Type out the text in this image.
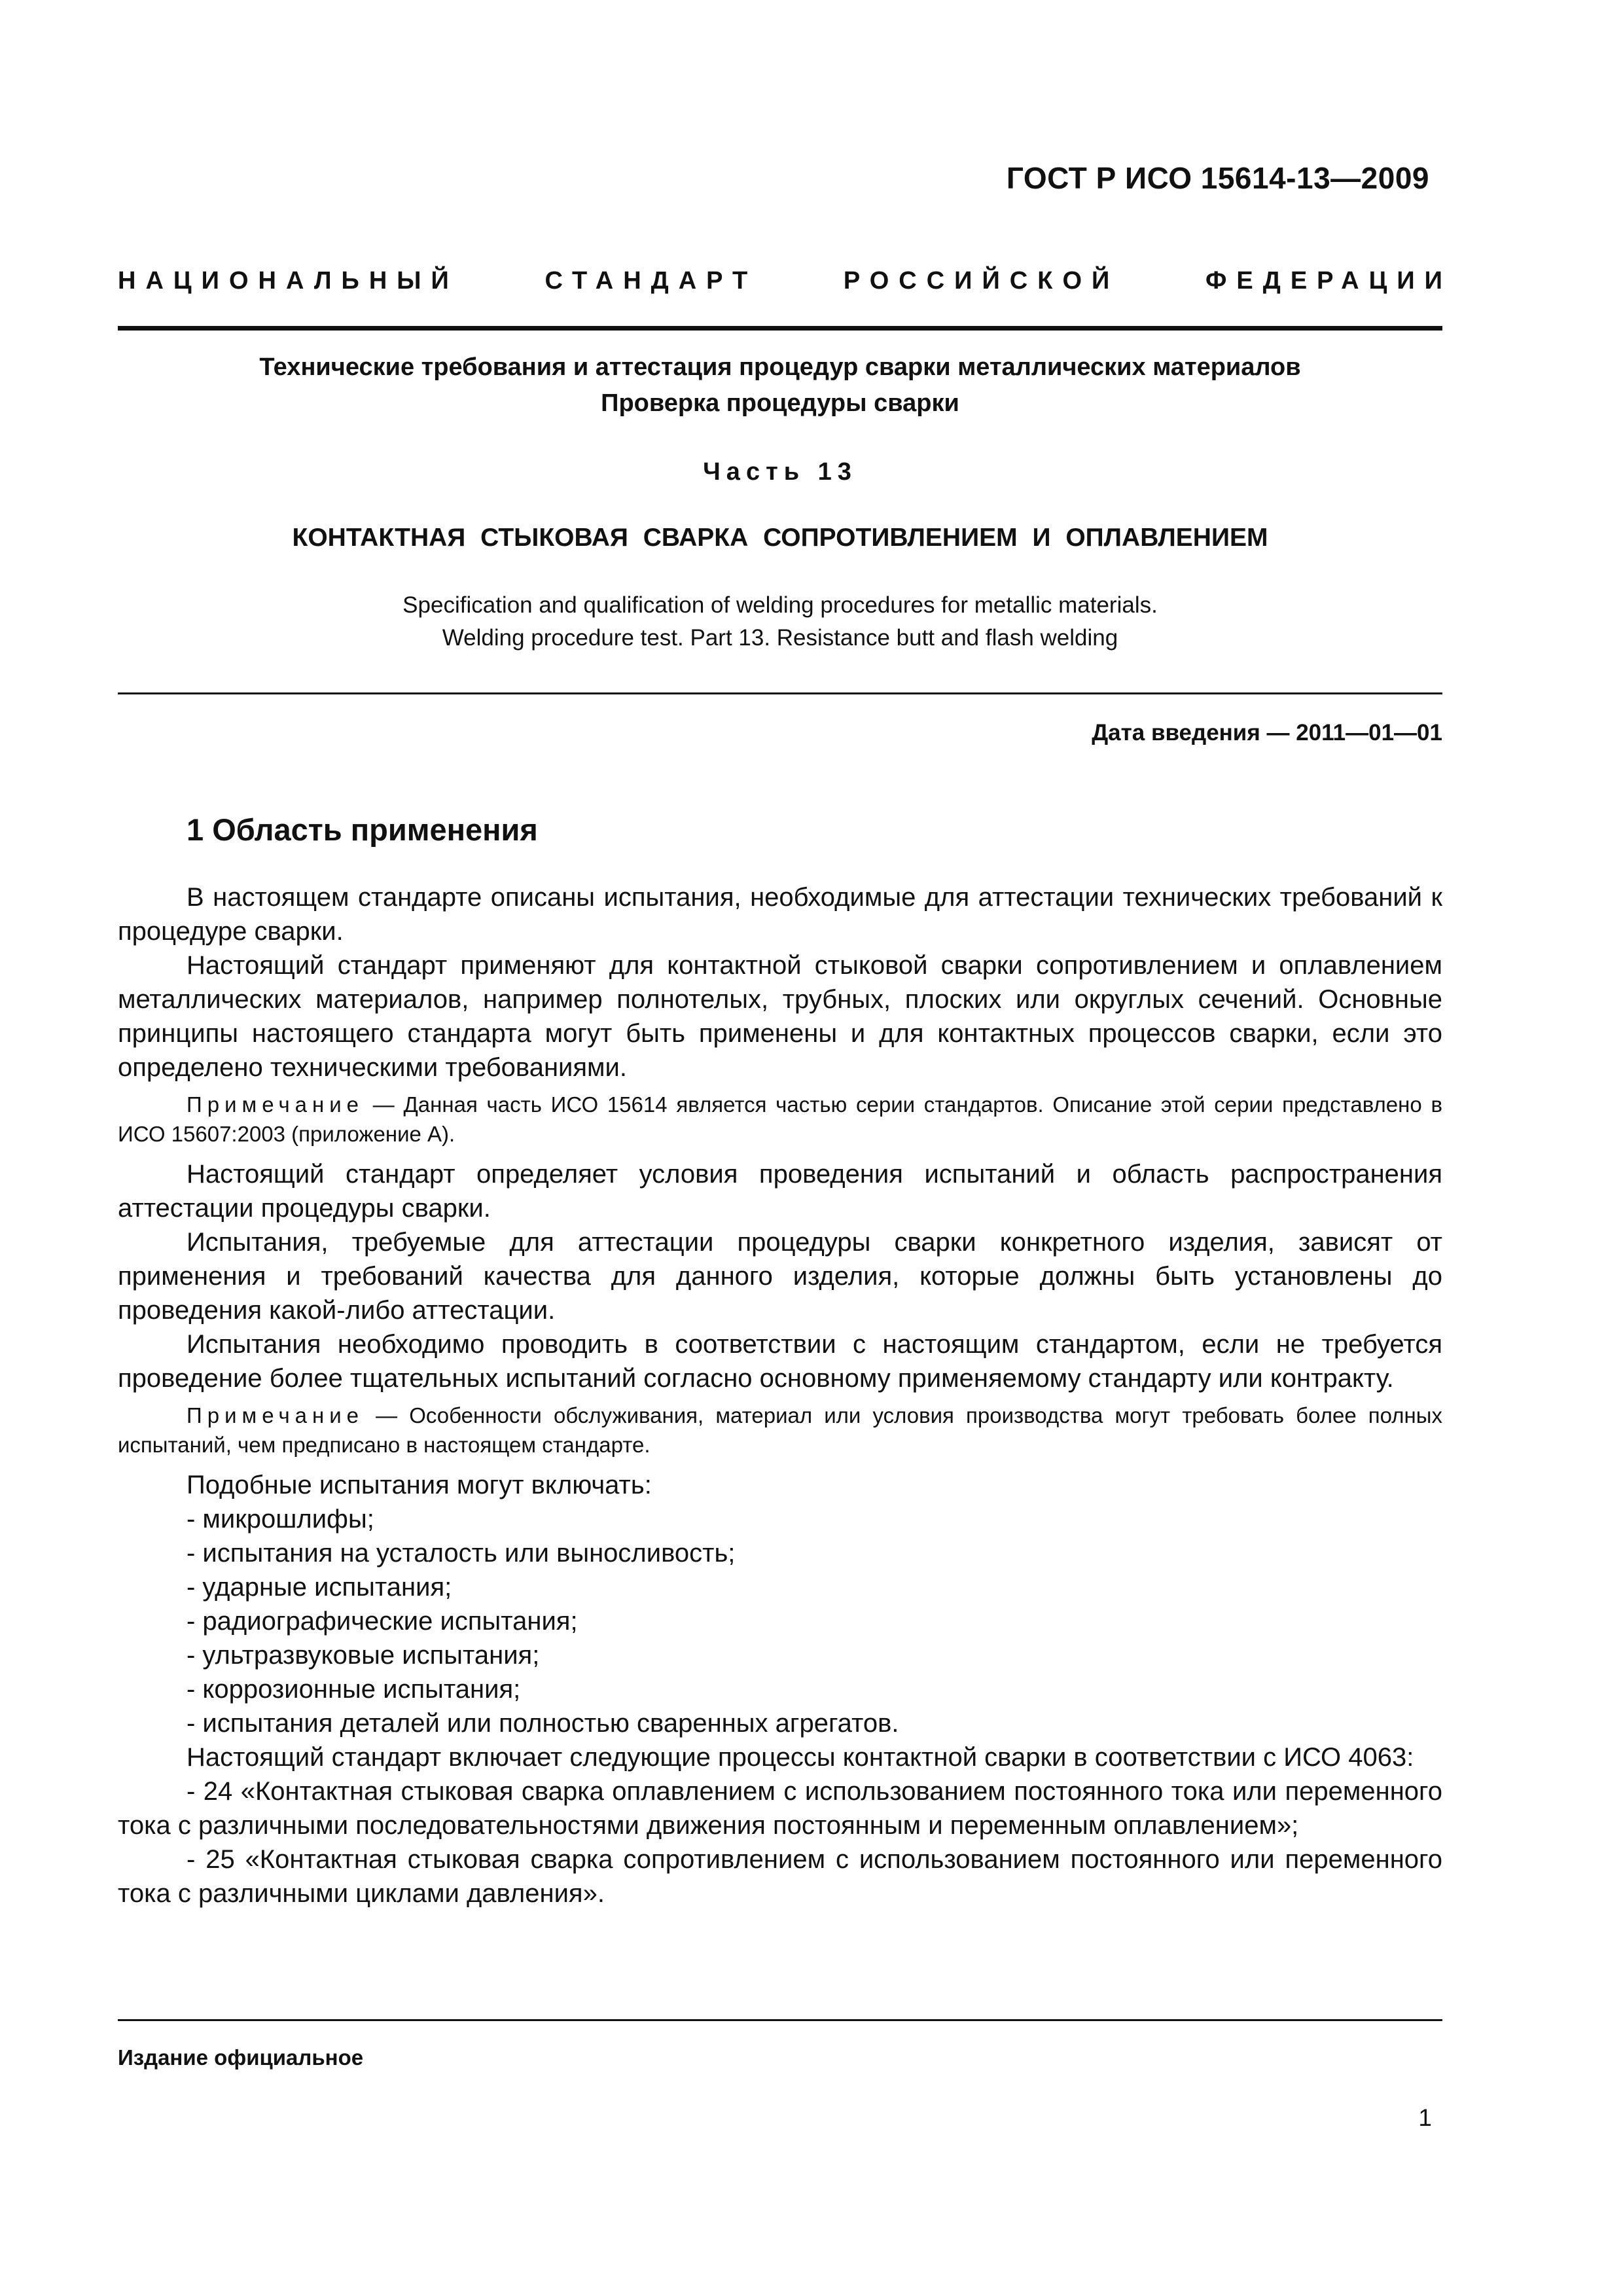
ГОСТ Р ИСО 15614-13—2009
НАЦИОНАЛЬНЫЙ	СТАНДАРТ	РОССИЙСКОЙ	ФЕДЕРАЦИИ
Технические требования и аттестация процедур сварки металлических материалов
Проверка процедуры сварки
Часть 13
КОНТАКТНАЯ СТЫКОВАЯ СВАРКА СОПРОТИВЛЕНИЕМ И ОПЛАВЛЕНИЕМ
Specification and qualification of welding procedures for metallic materials.
Welding procedure test. Part 13. Resistance butt and flash welding
Дата введения — 2011—01—01
1 Область применения

В настоящем стандарте описаны испытания, необходимые для аттестации технических требований к процедуре сварки.

Настоящий стандарт применяют для контактной стыковой сварки сопротивлением и оплавлением металлических материалов, например полнотелых, трубных, плоских или округлых сечений. Основные принципы настоящего стандарта могут быть применены и для контактных процессов сварки, если это определено техническими требованиями.

Примечание — Данная часть ИСО 15614 является частью серии стандартов. Описание этой серии представлено в ИСО 15607:2003 (приложение А).

Настоящий стандарт определяет условия проведения испытаний и область распространения аттестации процедуры сварки.

Испытания, требуемые для аттестации процедуры сварки конкретного изделия, зависят от применения и требований качества для данного изделия, которые должны быть установлены до проведения какой-либо аттестации.

Испытания необходимо проводить в соответствии с настоящим стандартом, если не требуется проведение более тщательных испытаний согласно основному применяемому стандарту или контракту.

Примечание — Особенности обслуживания, материал или условия производства могут требовать более полных испытаний, чем предписано в настоящем стандарте.

Подобные испытания могут включать:

- микрошлифы;

- испытания на усталость или выносливость;

- ударные испытания;

- радиографические испытания;

- ультразвуковые испытания;

- коррозионные испытания;

- испытания деталей или полностью сваренных агрегатов.

Настоящий стандарт включает следующие процессы контактной сварки в соответствии с ИСО 4063:

- 24 «Контактная стыковая сварка оплавлением с использованием постоянного тока или переменного тока с различными последовательностями движения постоянным и переменным оплавлением»;

- 25 «Контактная стыковая сварка сопротивлением с использованием постоянного или переменного тока с различными циклами давления».

Издание официальное
1
